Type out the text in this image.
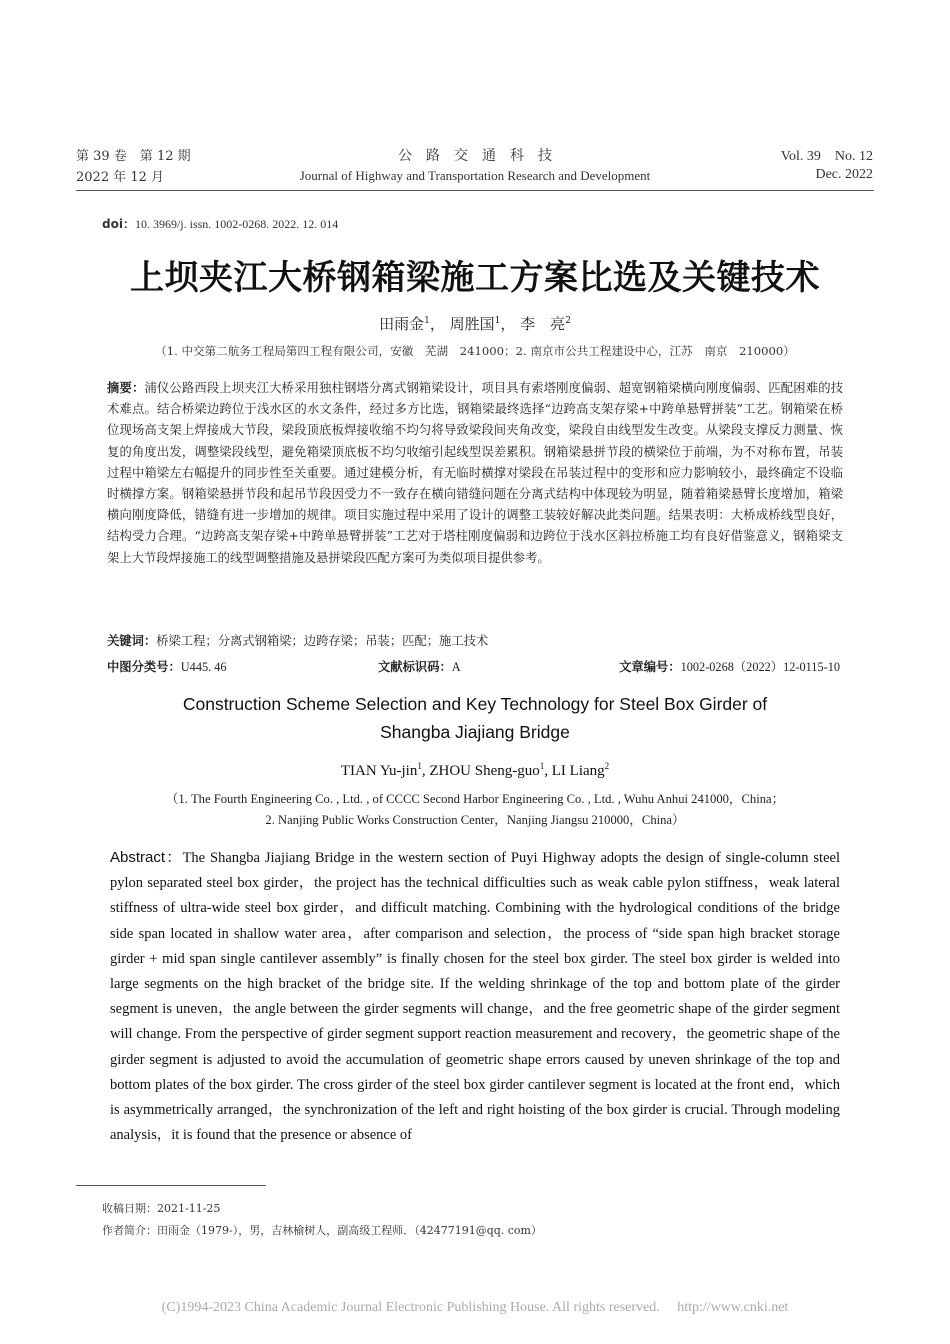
第 39 卷　第 12 期
2022 年 12 月
公　路　交　通　科　技
Journal of Highway and Transportation Research and Development
Vol. 39　No. 12
Dec. 2022
doi：10. 3969/j. issn. 1002-0268. 2022. 12. 014
上坝夹江大桥钢箱梁施工方案比选及关键技术
田雨金$^1$， 周胜国$^1$， 李　亮$^2$
（1. 中交第二航务工程局第四工程有限公司，安徽　芜湖　241000；2. 南京市公共工程建设中心，江苏　南京　210000）
摘要：浦仪公路西段上坝夹江大桥采用独柱钢塔分离式钢箱梁设计，项目具有索塔刚度偏弱、超宽钢箱梁横向刚度偏弱、匹配困难的技术难点。结合桥梁边跨位于浅水区的水文条件，经过多方比选，钢箱梁最终选择“边跨高支架存梁+中跨单悬臂拼装”工艺。钢箱梁在桥位现场高支架上焊接成大节段，梁段顶底板焊接收缩不均匀将导致梁段间夹角改变，梁段自由线型发生改变。从梁段支撑反力测量、恢复的角度出发，调整梁段线型，避免箱梁顶底板不均匀收缩引起线型误差累积。钢箱梁悬拼节段的横梁位于前端，为不对称布置，吊装过程中箱梁左右幅提升的同步性至关重要。通过建模分析，有无临时横撑对梁段在吊装过程中的变形和应力影响较小，最终确定不设临时横撑方案。钢箱梁悬拼节段和起吊节段因受力不一致存在横向错缝问题在分离式结构中体现较为明显，随着箱梁悬臂长度增加，箱梁横向刚度降低，错缝有进一步增加的规律。项目实施过程中采用了设计的调整工装较好解决此类问题。结果表明：大桥成桥线型良好，结构受力合理。“边跨高支架存梁+中跨单悬臂拼装”工艺对于塔柱刚度偏弱和边跨位于浅水区斜拉桥施工均有良好借鉴意义，钢箱梁支架上大节段焊接施工的线型调整措施及悬拼梁段匹配方案可为类似项目提供参考。
关键词：桥梁工程；分离式钢箱梁；边跨存梁；吊装；匹配；施工技术
中图分类号：U445. 46	文献标识码：A	文章编号：1002-0268（2022）12-0115-10
Construction Scheme Selection and Key Technology for Steel Box Girder of
Shangba Jiajiang Bridge
TIAN Yu-jin$^1$, ZHOU Sheng-guo$^1$, LI Liang$^2$
（1. The Fourth Engineering Co. , Ltd. , of CCCC Second Harbor Engineering Co. , Ltd. , Wuhu Anhui 241000，China；
2. Nanjing Public Works Construction Center，Nanjing Jiangsu 210000，China）
Abstract：The Shangba Jiajiang Bridge in the western section of Puyi Highway adopts the design of single-column steel pylon separated steel box girder，the project has the technical difficulties such as weak cable pylon stiffness，weak lateral stiffness of ultra-wide steel box girder，and difficult matching. Combining with the hydrological conditions of the bridge side span located in shallow water area，after comparison and selection，the process of “side span high bracket storage girder + mid span single cantilever assembly” is finally chosen for the steel box girder. The steel box girder is welded into large segments on the high bracket of the bridge site. If the welding shrinkage of the top and bottom plate of the girder segment is uneven，the angle between the girder segments will change，and the free geometric shape of the girder segment will change. From the perspective of girder segment support reaction measurement and recovery，the geometric shape of the girder segment is adjusted to avoid the accumulation of geometric shape errors caused by uneven shrinkage of the top and bottom plates of the box girder. The cross girder of the steel box girder cantilever segment is located at the front end，which is asymmetrically arranged，the synchronization of the left and right hoisting of the box girder is crucial. Through modeling analysis，it is found that the presence or absence of
收稿日期：2021-11-25
作者简介：田雨金（1979-），男，吉林榆树人，副高级工程师．（42477191@qq. com）
(C)1994-2023 China Academic Journal Electronic Publishing House. All rights reserved.　 http://www.cnki.net
